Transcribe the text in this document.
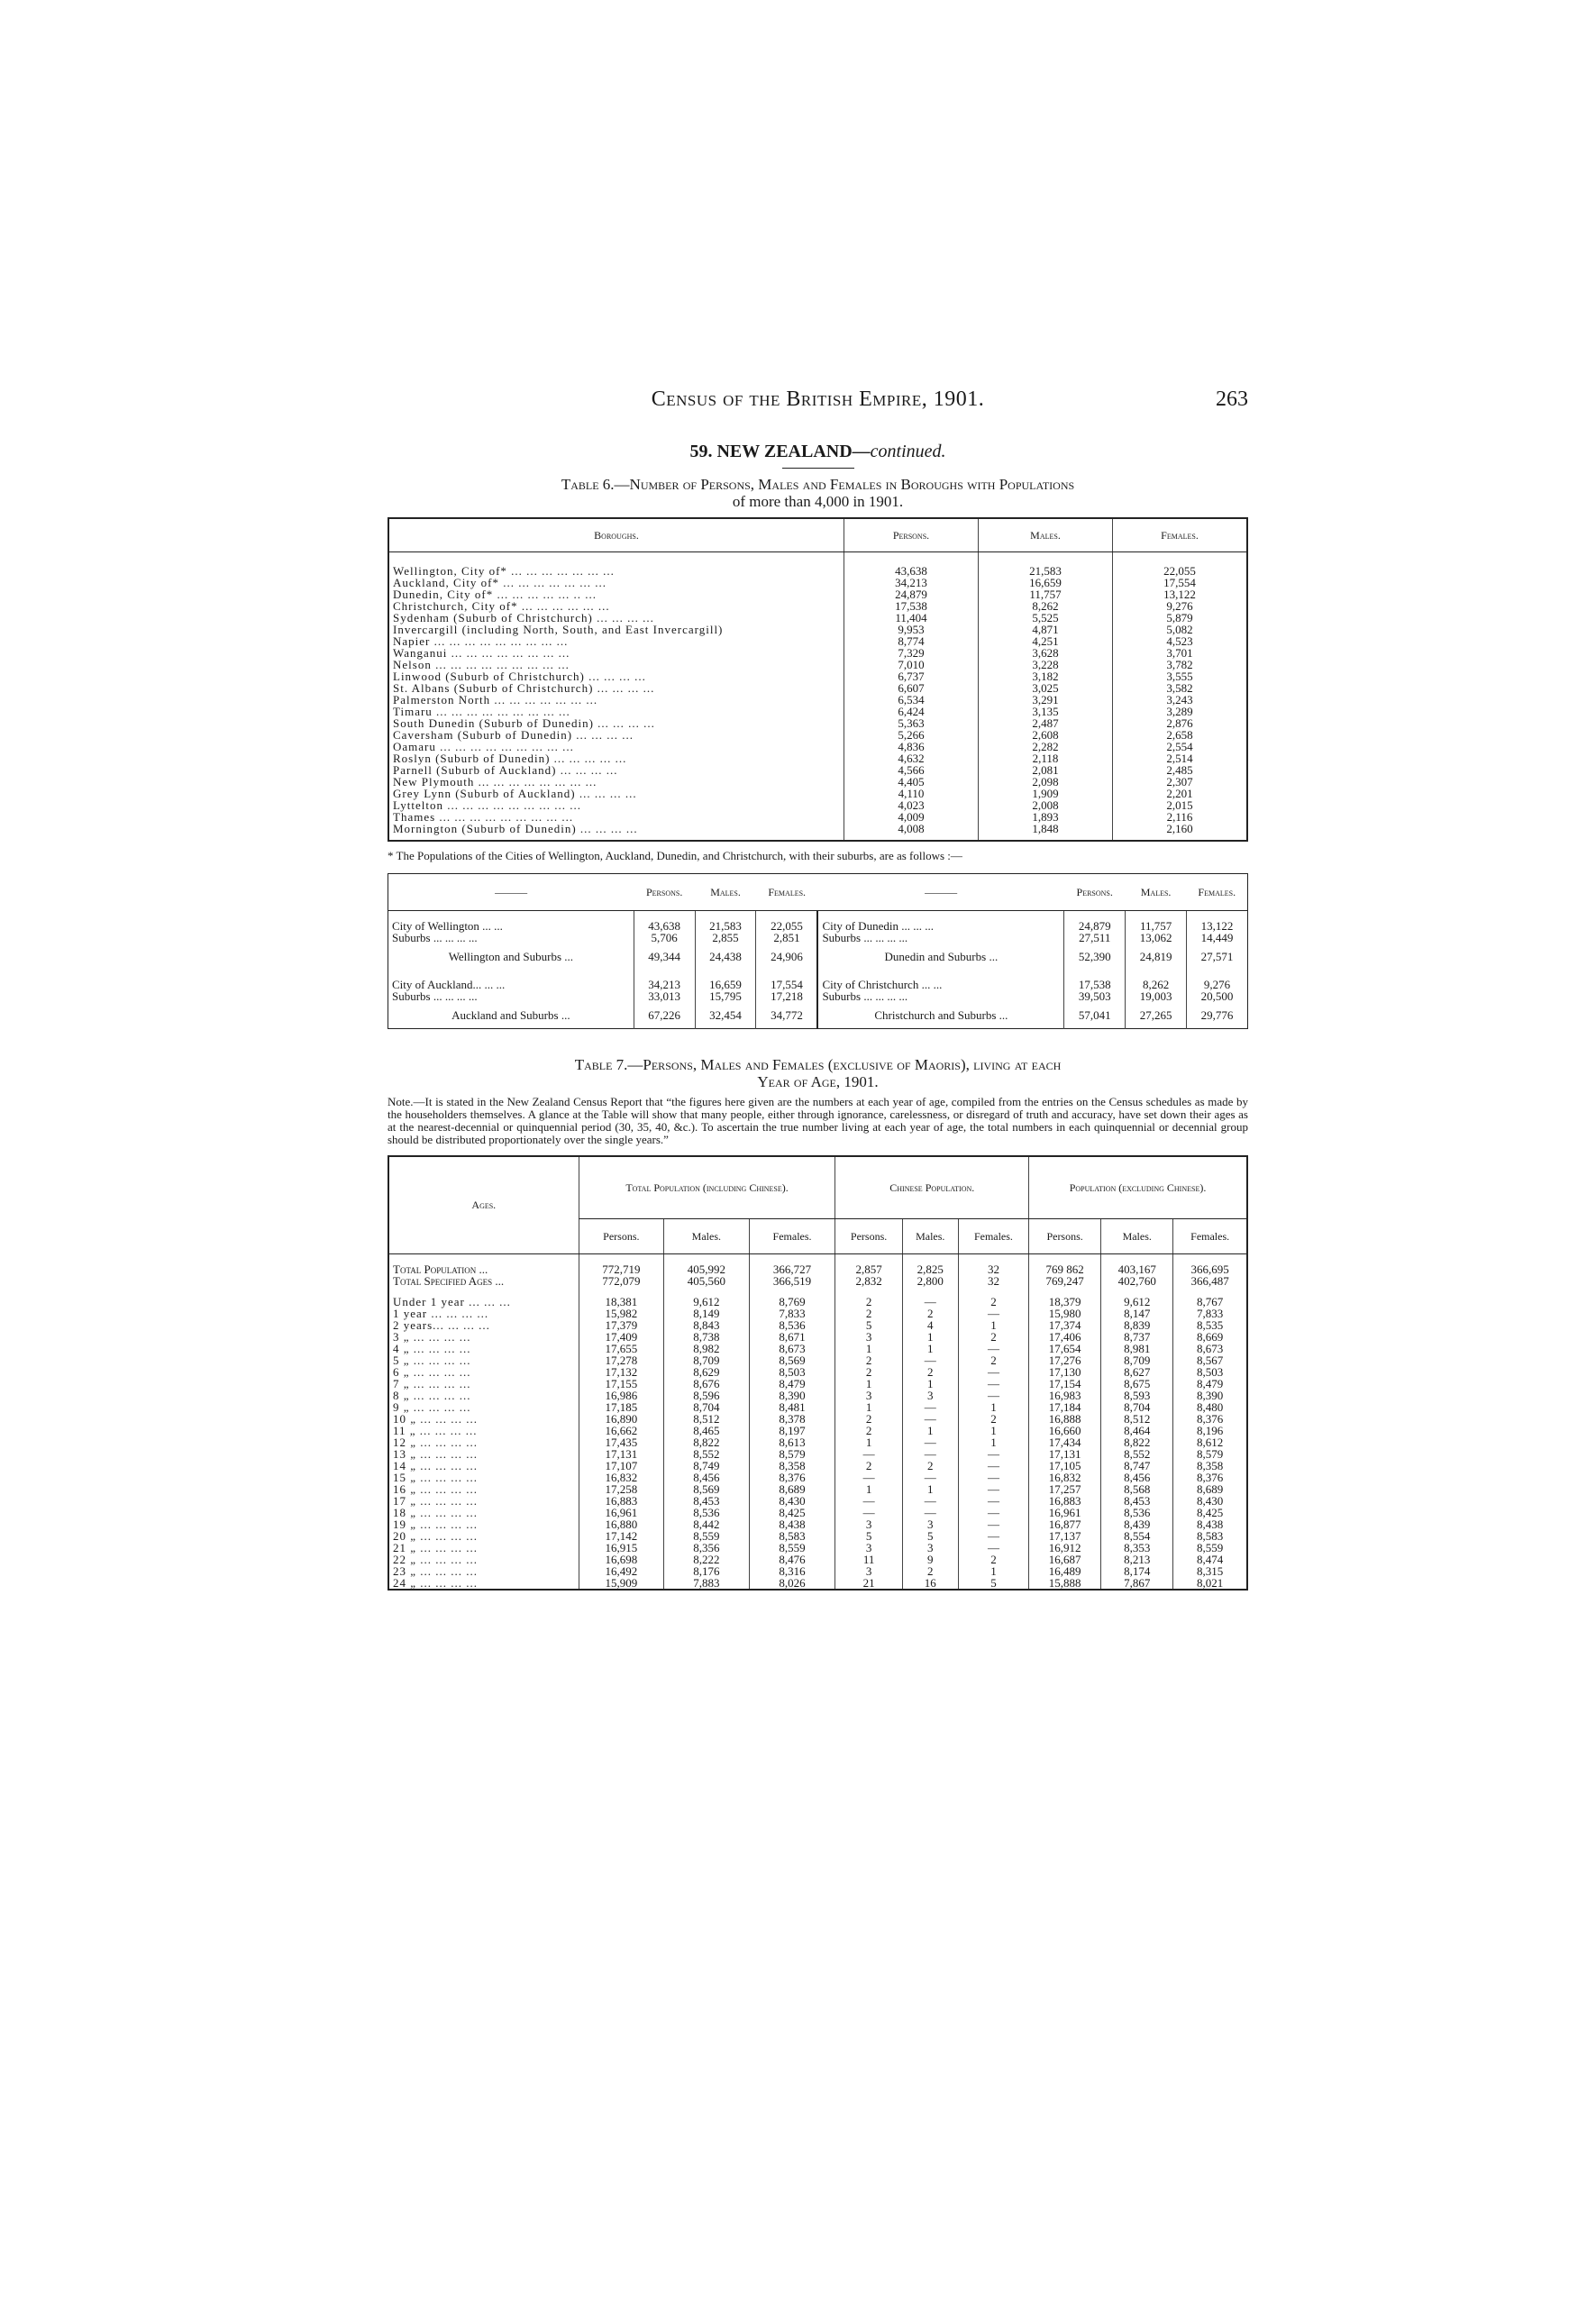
Census of the British Empire, 1901.	263
59. NEW ZEALAND—continued.
Table 6.—Number of Persons, Males and Females in Boroughs with Populations
of more than 4,000 in 1901.
Boroughs.	Persons.	Males.	Females.
Wellington, City of* ... ... ... ... ... ... ...	43,638	21,583	22,055
Auckland, City of* ... ... ... ... ... ... ...	34,213	16,659	17,554
Dunedin, City of* ... ... ... ... ... .. ...	24,879	11,757	13,122
Christchurch, City of* ... ... ... ... ... ...	17,538	8,262	9,276
Sydenham (Suburb of Christchurch) ... ... ... ...	11,404	5,525	5,879
Invercargill (including North, South, and East Invercargill)	9,953	4,871	5,082
Napier ... ... ... ... ... ... ... ... ...	8,774	4,251	4,523
Wanganui ... ... ... ... ... ... ... ...	7,329	3,628	3,701
Nelson ... ... ... ... ... ... ... ... ...	7,010	3,228	3,782
Linwood (Suburb of Christchurch) ... ... ... ...	6,737	3,182	3,555
St. Albans (Suburb of Christchurch) ... ... ... ...	6,607	3,025	3,582
Palmerston North ... ... ... ... ... ... ...	6,534	3,291	3,243
Timaru ... ... ... ... ... ... ... ... ...	6,424	3,135	3,289
South Dunedin (Suburb of Dunedin) ... ... ... ...	5,363	2,487	2,876
Caversham (Suburb of Dunedin) ... ... ... ...	5,266	2,608	2,658
Oamaru ... ... ... ... ... ... ... ... ...	4,836	2,282	2,554
Roslyn (Suburb of Dunedin) ... ... ... ... ...	4,632	2,118	2,514
Parnell (Suburb of Auckland) ... ... ... ...	4,566	2,081	2,485
New Plymouth ... ... ... ... ... ... ... ...	4,405	2,098	2,307
Grey Lynn (Suburb of Auckland) ... ... ... ...	4,110	1,909	2,201
Lyttelton ... ... ... ... ... ... ... ... ...	4,023	2,008	2,015
Thames ... ... ... ... ... ... ... ... ...	4,009	1,893	2,116
Mornington (Suburb of Dunedin) ... ... ... ...	4,008	1,848	2,160
* The Populations of the Cities of Wellington, Auckland, Dunedin, and Christchurch, with their suburbs, are as follows :—
———	Persons.	Males.	Females.	———	Persons.	Males.	Females.
City of Wellington ... ...	43,638	21,583	22,055	City of Dunedin ... ... ...	24,879	11,757	13,122
Suburbs ... ... ... ...	5,706	2,855	2,851	Suburbs ... ... ... ...	27,511	13,062	14,449
Wellington and Suburbs ...	49,344	24,438	24,906	Dunedin and Suburbs ...	52,390	24,819	27,571
City of Auckland... ... ...	34,213	16,659	17,554	City of Christchurch ... ...	17,538	8,262	9,276
Suburbs ... ... ... ...	33,013	15,795	17,218	Suburbs ... ... ... ...	39,503	19,003	20,500
Auckland and Suburbs ...	67,226	32,454	34,772	Christchurch and Suburbs ...	57,041	27,265	29,776
Table 7.—Persons, Males and Females (exclusive of Maoris), living at each
Year of Age, 1901.
Note.—It is stated in the New Zealand Census Report that “the figures here given are the numbers at each year of age, compiled from the entries on the Census schedules as made by the householders themselves. A glance at the Table will show that many people, either through ignorance, carelessness, or disregard of truth and accuracy, have set down their ages as at the nearest-decennial or quinquennial period (30, 35, 40, &c.). To ascertain the true number living at each year of age, the total numbers in each quinquennial or decennial group should be distributed proportionately over the single years.”
Ages.	Total Population (including Chinese).			Chinese Population.			Population (excluding Chinese).		
	Persons.	Males.	Females.	Persons.	Males.	Females.	Persons.	Males.	Females.
Total Population ...	772,719	405,992	366,727	2,857	2,825	32	769 862	403,167	366,695
Total Specified Ages ...	772,079	405,560	366,519	2,832	2,800	32	769,247	402,760	366,487
Under 1 year ... ... ...	18,381	9,612	8,769	2	—	2	18,379	9,612	8,767
1 year ... ... ... ...	15,982	8,149	7,833	2	2	—	15,980	8,147	7,833
2 years... ... ... ...	17,379	8,843	8,536	5	4	1	17,374	8,839	8,535
3 „ ... ... ... ...	17,409	8,738	8,671	3	1	2	17,406	8,737	8,669
4 „ ... ... ... ...	17,655	8,982	8,673	1	1	—	17,654	8,981	8,673
5 „ ... ... ... ...	17,278	8,709	8,569	2	—	2	17,276	8,709	8,567
6 „ ... ... ... ...	17,132	8,629	8,503	2	2	—	17,130	8,627	8,503
7 „ ... ... ... ...	17,155	8,676	8,479	1	1	—	17,154	8,675	8,479
8 „ ... ... ... ...	16,986	8,596	8,390	3	3	—	16,983	8,593	8,390
9 „ ... ... ... ...	17,185	8,704	8,481	1	—	1	17,184	8,704	8,480
10 „ ... ... ... ...	16,890	8,512	8,378	2	—	2	16,888	8,512	8,376
11 „ ... ... ... ...	16,662	8,465	8,197	2	1	1	16,660	8,464	8,196
12 „ ... ... ... ...	17,435	8,822	8,613	1	—	1	17,434	8,822	8,612
13 „ ... ... ... ...	17,131	8,552	8,579	—	—	—	17,131	8,552	8,579
14 „ ... ... ... ...	17,107	8,749	8,358	2	2	—	17,105	8,747	8,358
15 „ ... ... ... ...	16,832	8,456	8,376	—	—	—	16,832	8,456	8,376
16 „ ... ... ... ...	17,258	8,569	8,689	1	1	—	17,257	8,568	8,689
17 „ ... ... ... ...	16,883	8,453	8,430	—	—	—	16,883	8,453	8,430
18 „ ... ... ... ...	16,961	8,536	8,425	—	—	—	16,961	8,536	8,425
19 „ ... ... ... ...	16,880	8,442	8,438	3	3	—	16,877	8,439	8,438
20 „ ... ... ... ...	17,142	8,559	8,583	5	5	—	17,137	8,554	8,583
21 „ ... ... ... ...	16,915	8,356	8,559	3	3	—	16,912	8,353	8,559
22 „ ... ... ... ...	16,698	8,222	8,476	11	9	2	16,687	8,213	8,474
23 „ ... ... ... ...	16,492	8,176	8,316	3	2	1	16,489	8,174	8,315
24 „ ... ... ... ...	15,909	7,883	8,026	21	16	5	15,888	7,867	8,021
